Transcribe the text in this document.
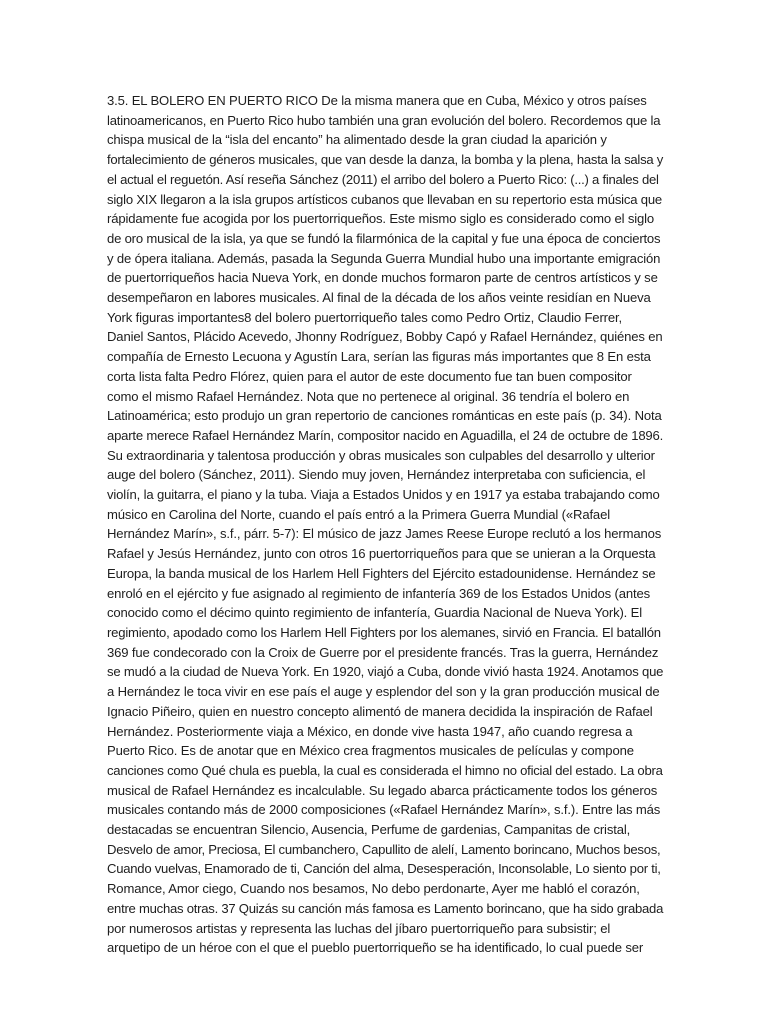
3.5. EL BOLERO EN PUERTO RICO De la misma manera que en Cuba, México y otros países
latinoamericanos, en Puerto Rico hubo también una gran evolución del bolero. Recordemos que la
chispa musical de la “isla del encanto” ha alimentado desde la gran ciudad la aparición y
fortalecimiento de géneros musicales, que van desde la danza, la bomba y la plena, hasta la salsa y
el actual el reguetón. Así reseña Sánchez (2011) el arribo del bolero a Puerto Rico: (...) a finales del
siglo XIX llegaron a la isla grupos artísticos cubanos que llevaban en su repertorio esta música que
rápidamente fue acogida por los puertorriqueños. Este mismo siglo es considerado como el siglo
de oro musical de la isla, ya que se fundó la filarmónica de la capital y fue una época de conciertos
y de ópera italiana. Además, pasada la Segunda Guerra Mundial hubo una importante emigración
de puertorriqueños hacia Nueva York, en donde muchos formaron parte de centros artísticos y se
desempeñaron en labores musicales. Al final de la década de los años veinte residían en Nueva
York figuras importantes8 del bolero puertorriqueño tales como Pedro Ortiz, Claudio Ferrer,
Daniel Santos, Plácido Acevedo, Jhonny Rodríguez, Bobby Capó y Rafael Hernández, quiénes en
compañía de Ernesto Lecuona y Agustín Lara, serían las figuras más importantes que 8 En esta
corta lista falta Pedro Flórez, quien para el autor de este documento fue tan buen compositor
como el mismo Rafael Hernández. Nota que no pertenece al original. 36 tendría el bolero en
Latinoamérica; esto produjo un gran repertorio de canciones románticas en este país (p. 34). Nota
aparte merece Rafael Hernández Marín, compositor nacido en Aguadilla, el 24 de octubre de 1896.
Su extraordinaria y talentosa producción y obras musicales son culpables del desarrollo y ulterior
auge del bolero (Sánchez, 2011). Siendo muy joven, Hernández interpretaba con suficiencia, el
violín, la guitarra, el piano y la tuba. Viaja a Estados Unidos y en 1917 ya estaba trabajando como
músico en Carolina del Norte, cuando el país entró a la Primera Guerra Mundial («Rafael
Hernández Marín», s.f., párr. 5-7): El músico de jazz James Reese Europe reclutó a los hermanos
Rafael y Jesús Hernández, junto con otros 16 puertorriqueños para que se unieran a la Orquesta
Europa, la banda musical de los Harlem Hell Fighters del Ejército estadounidense. Hernández se
enroló en el ejército y fue asignado al regimiento de infantería 369 de los Estados Unidos (antes
conocido como el décimo quinto regimiento de infantería, Guardia Nacional de Nueva York). El
regimiento, apodado como los Harlem Hell Fighters por los alemanes, sirvió en Francia. El batallón
369 fue condecorado con la Croix de Guerre por el presidente francés. Tras la guerra, Hernández
se mudó a la ciudad de Nueva York. En 1920, viajó a Cuba, donde vivió hasta 1924. Anotamos que
a Hernández le toca vivir en ese país el auge y esplendor del son y la gran producción musical de
Ignacio Piñeiro, quien en nuestro concepto alimentó de manera decidida la inspiración de Rafael
Hernández. Posteriormente viaja a México, en donde vive hasta 1947, año cuando regresa a
Puerto Rico. Es de anotar que en México crea fragmentos musicales de películas y compone
canciones como Qué chula es puebla, la cual es considerada el himno no oficial del estado. La obra
musical de Rafael Hernández es incalculable. Su legado abarca prácticamente todos los géneros
musicales contando más de 2000 composiciones («Rafael Hernández Marín», s.f.). Entre las más
destacadas se encuentran Silencio, Ausencia, Perfume de gardenias, Campanitas de cristal,
Desvelo de amor, Preciosa, El cumbanchero, Capullito de alelí, Lamento borincano, Muchos besos,
Cuando vuelvas, Enamorado de ti, Canción del alma, Desesperación, Inconsolable, Lo siento por ti,
Romance, Amor ciego, Cuando nos besamos, No debo perdonarte, Ayer me habló el corazón,
entre muchas otras. 37 Quizás su canción más famosa es Lamento borincano, que ha sido grabada
por numerosos artistas y representa las luchas del jíbaro puertorriqueño para subsistir; el
arquetipo de un héroe con el que el pueblo puertorriqueño se ha identificado, lo cual puede ser
